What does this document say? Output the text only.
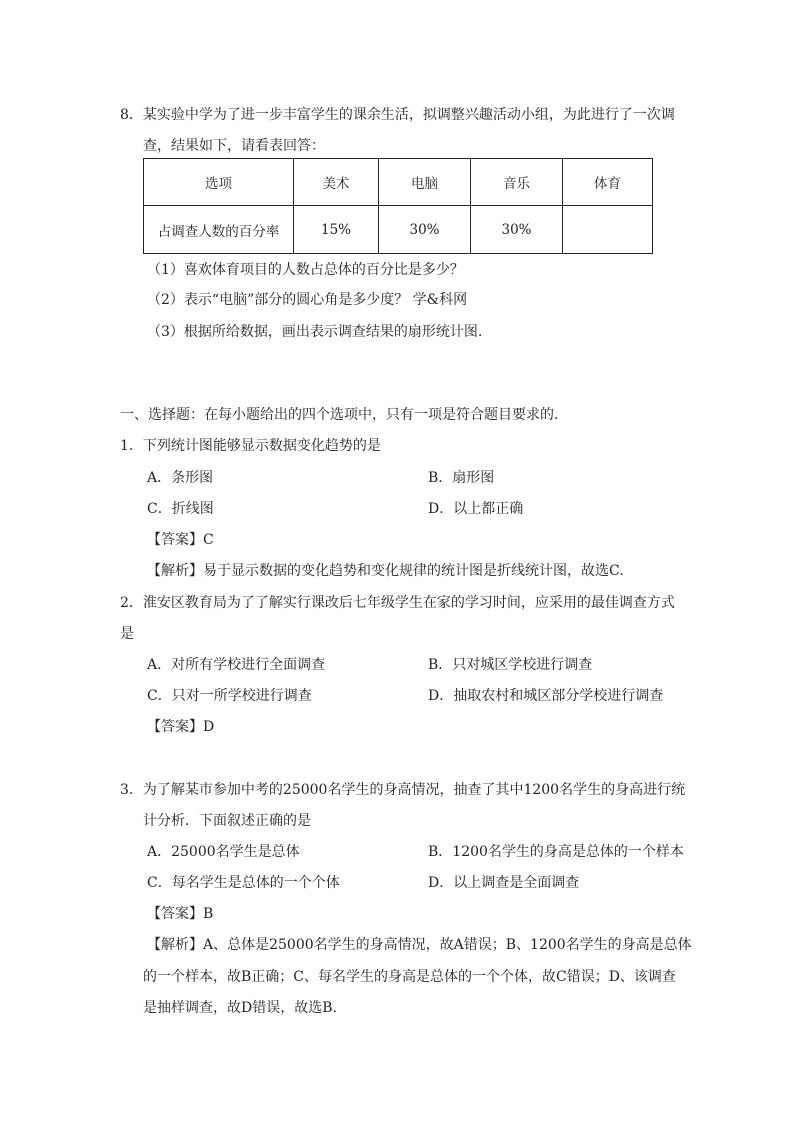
8．某实验中学为了进一步丰富学生的课余生活，拟调整兴趣活动小组，为此进行了一次调
查，结果如下，请看表回答：
选项	美术	电脑	音乐	体育
占调查人数的百分率	15%	30%	30%	
（1）喜欢体育项目的人数占总体的百分比是多少？
（2）表示“电脑”部分的圆心角是多少度？ 学&科网
（3）根据所给数据，画出表示调查结果的扇形统计图.
一、选择题：在每小题给出的四个选项中，只有一项是符合题目要求的.
1．下列统计图能够显示数据变化趋势的是
A．条形图	B．扇形图
C．折线图	D．以上都正确
【答案】C
【解析】易于显示数据的变化趋势和变化规律的统计图是折线统计图，故选C.
2．淮安区教育局为了了解实行课改后七年级学生在家的学习时间，应采用的最佳调查方式
是
A．对所有学校进行全面调查	B．只对城区学校进行调查
C．只对一所学校进行调查	D．抽取农村和城区部分学校进行调查
【答案】D
3．为了解某市参加中考的25000名学生的身高情况，抽查了其中1200名学生的身高进行统
计分析．下面叙述正确的是
A．25000名学生是总体	B．1200名学生的身高是总体的一个样本
C．每名学生是总体的一个个体	D．以上调查是全面调查
【答案】B
【解析】A、总体是25000名学生的身高情况，故A错误；B、1200名学生的身高是总体
的一个样本，故B正确；C、每名学生的身高是总体的一个个体，故C错误；D、该调查
是抽样调查，故D错误，故选B.
